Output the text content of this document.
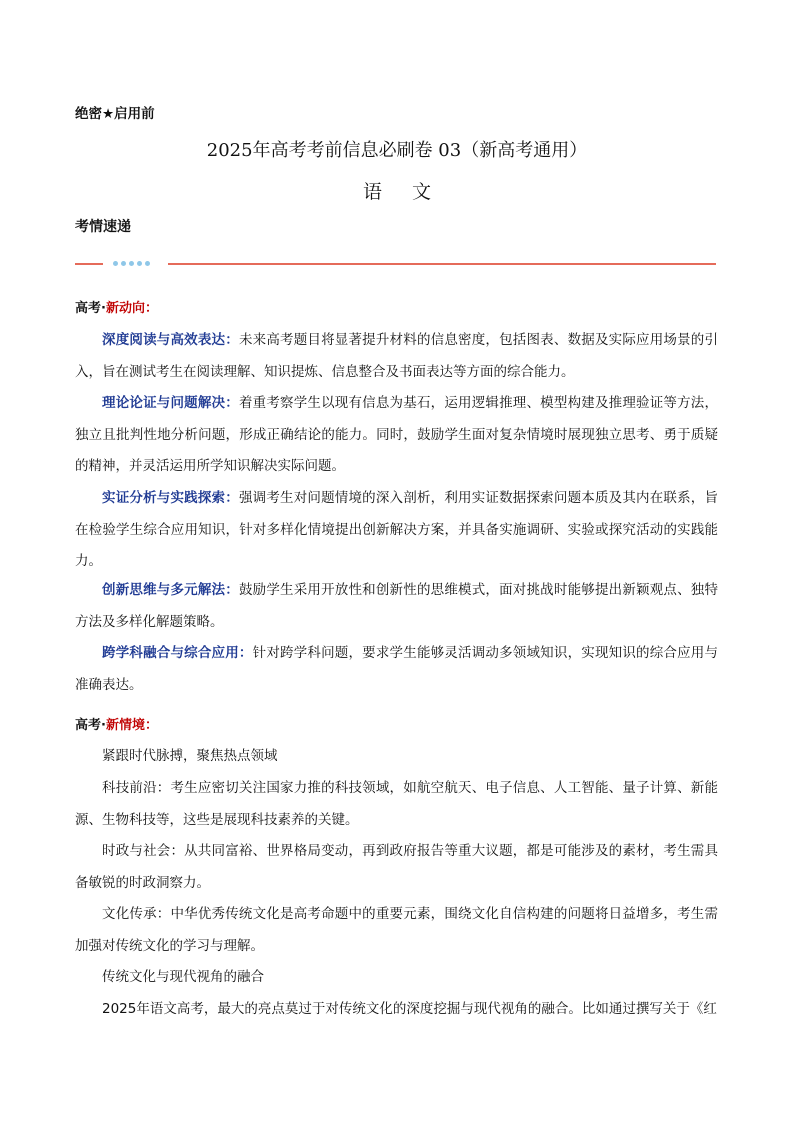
绝密★启用前
2025年高考考前信息必刷卷 03（新高考通用）
语 文
考情速递
高考·新动向：
深度阅读与高效表达：未来高考题目将显著提升材料的信息密度，包括图表、数据及实际应用场景的引入，旨在测试考生在阅读理解、知识提炼、信息整合及书面表达等方面的综合能力。
理论论证与问题解决：着重考察学生以现有信息为基石，运用逻辑推理、模型构建及推理验证等方法，独立且批判性地分析问题，形成正确结论的能力。同时，鼓励学生面对复杂情境时展现独立思考、勇于质疑的精神，并灵活运用所学知识解决实际问题。
实证分析与实践探索：强调考生对问题情境的深入剖析，利用实证数据探索问题本质及其内在联系，旨在检验学生综合应用知识，针对多样化情境提出创新解决方案，并具备实施调研、实验或探究活动的实践能力。
创新思维与多元解法：鼓励学生采用开放性和创新性的思维模式，面对挑战时能够提出新颖观点、独特方法及多样化解题策略。
跨学科融合与综合应用：针对跨学科问题，要求学生能够灵活调动多领域知识，实现知识的综合应用与准确表达。
高考·新情境：
紧跟时代脉搏，聚焦热点领域
科技前沿：考生应密切关注国家力推的科技领域，如航空航天、电子信息、人工智能、量子计算、新能源、生物科技等，这些是展现科技素养的关键。
时政与社会：从共同富裕、世界格局变动，再到政府报告等重大议题，都是可能涉及的素材，考生需具备敏锐的时政洞察力。
文化传承：中华优秀传统文化是高考命题中的重要元素，围绕文化自信构建的问题将日益增多，考生需加强对传统文化的学习与理解。
传统文化与现代视角的融合
2025年语文高考，最大的亮点莫过于对传统文化的深度挖掘与现代视角的融合。比如通过撰写关于《红
